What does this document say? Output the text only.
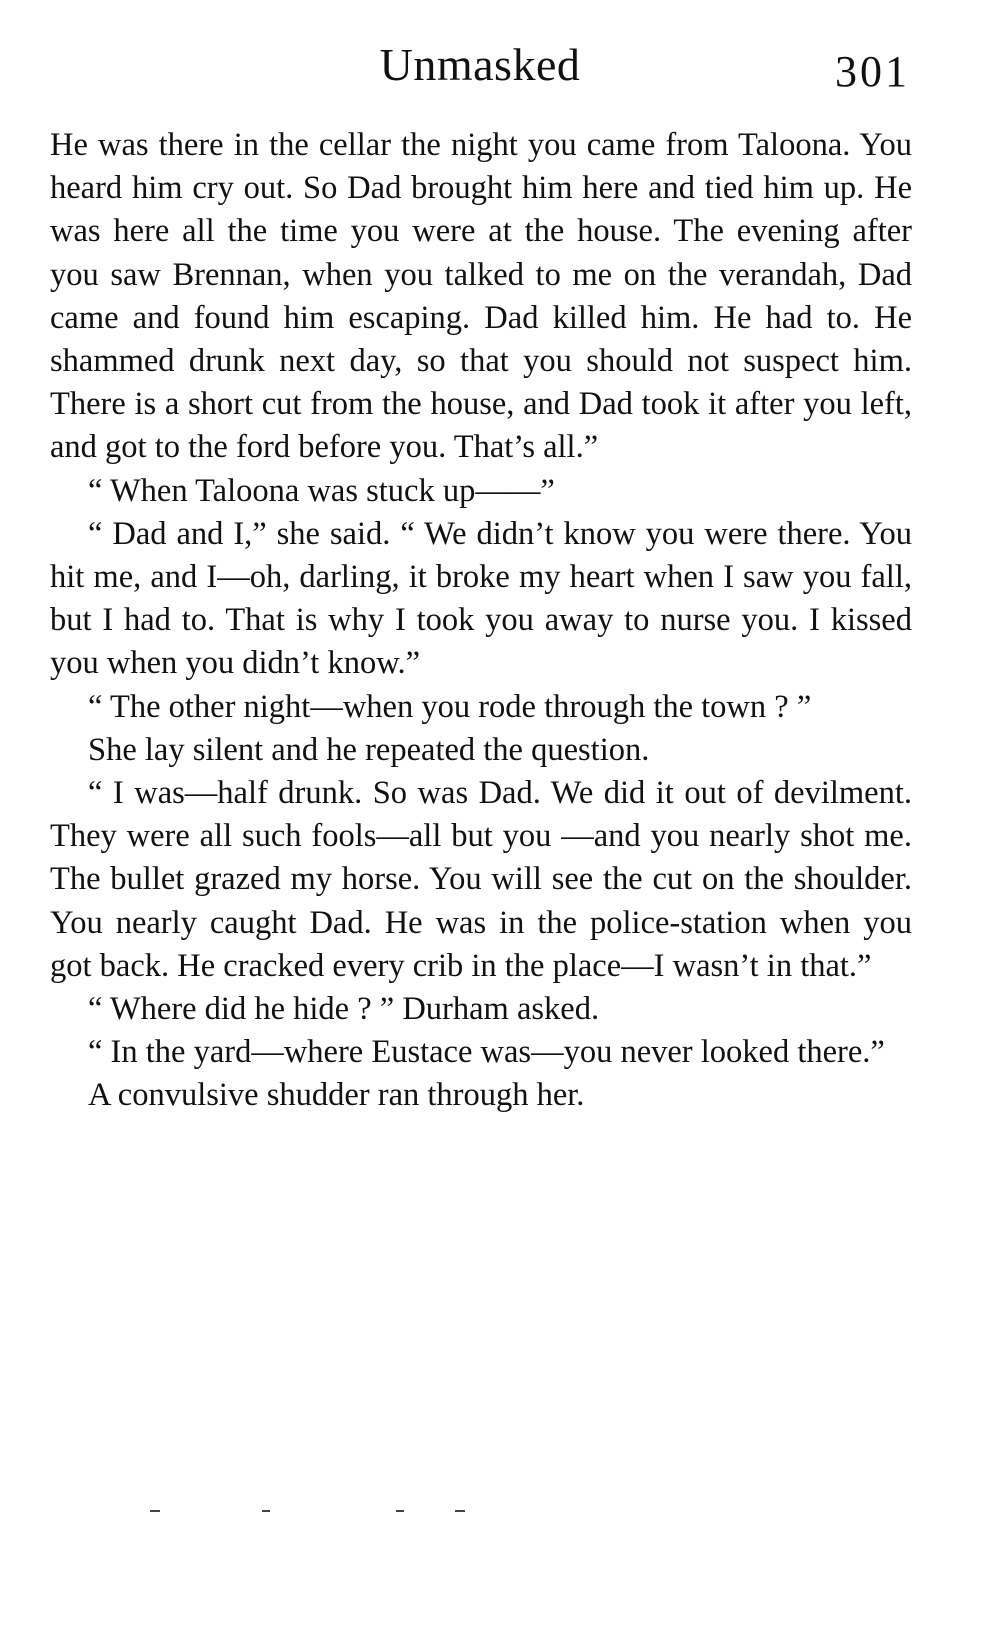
Unmasked	301

He was there in the cellar the night you came from Taloona. You heard him cry out. So Dad brought him here and tied him up. He was here all the time you were at the house. The evening after you saw Brennan, when you talked to me on the verandah, Dad came and found him escaping. Dad killed him. He had to. He shammed drunk next day, so that you should not suspect him. There is a short cut from the house, and Dad took it after you left, and got to the ford before you. That’s all.”

“ When Taloona was stuck up——”

“ Dad and I,” she said. “ We didn’t know you were there. You hit me, and I—oh, darling, it broke my heart when I saw you fall, but I had to. That is why I took you away to nurse you. I kissed you when you didn’t know.”

“ The other night—when you rode through the town ? ”

She lay silent and he repeated the question.

“ I was—half drunk. So was Dad. We did it out of devilment. They were all such fools—all but you —and you nearly shot me. The bullet grazed my horse. You will see the cut on the shoulder. You nearly caught Dad. He was in the police-station when you got back. He cracked every crib in the place—I wasn’t in that.”

“ Where did he hide ? ” Durham asked.

“ In the yard—where Eustace was—you never looked there.”

A convulsive shudder ran through her.
